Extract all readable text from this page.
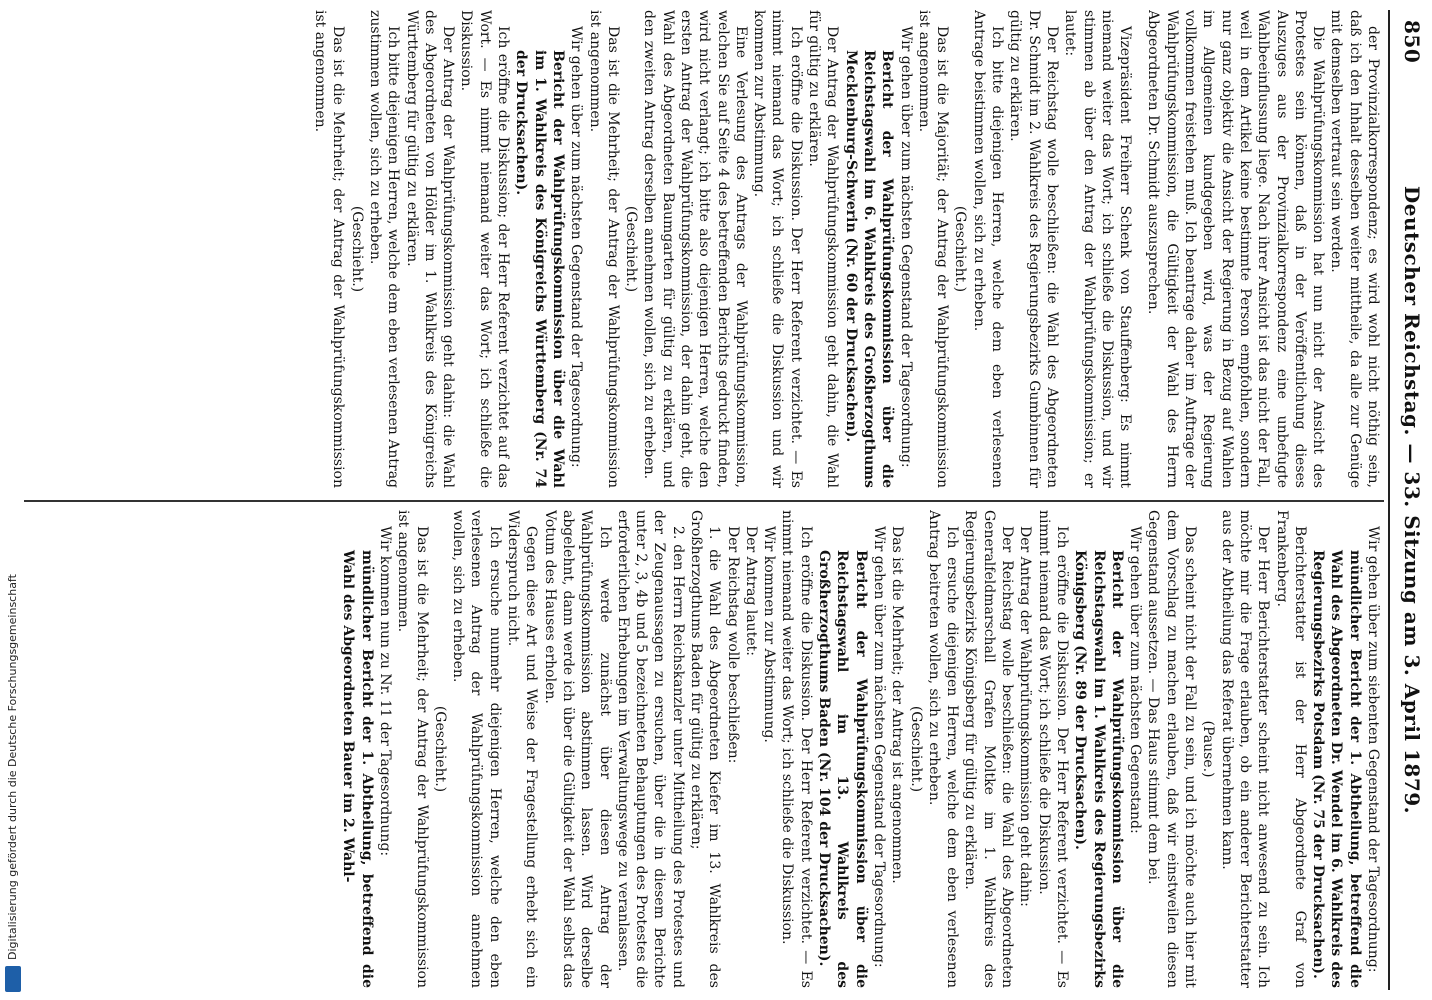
850
Deutscher Reichstag. — 33. Sitzung am 3. April 1879.

der Provinzialkorrespondenz; es wird wohl nicht nöthig sein, daß ich den Inhalt desselben weiter mittheile, da alle zur Genüge mit demselben vertraut sein werden.

Die Wahlprüfungskommission hat nun nicht der Ansicht des Protestes sein können, daß in der Veröffentlichung dieses Auszuges aus der Provinzialkorrespondenz eine unbefugte Wahlbeeinflussung liege. Nach ihrer Ansicht ist das nicht der Fall, weil in dem Artikel keine bestimmte Person empfohlen, sondern nur ganz objektiv die Ansicht der Regierung in Bezug auf Wahlen im Allgemeinen kundgegeben wird, was der Regierung vollkommen freistehen muß. Ich beantrage daher im Auftrage der Wahlprüfungskommission, die Gültigkeit der Wahl des Herrn Abgeordneten Dr. Schmidt auszusprechen.

Vizepräsident Freiherr Schenk von Stauffenberg: Es nimmt niemand weiter das Wort; ich schließe die Diskussion, und wir stimmen ab über den Antrag der Wahlprüfungskommission; er lautet:

Der Reichstag wolle beschließen: die Wahl des Abgeordneten Dr. Schmidt im 2. Wahlkreis des Regierungsbezirks Gumbinnen für gültig zu erklären.

Ich bitte diejenigen Herren, welche dem eben verlesenen Antrage beistimmen wollen, sich zu erheben.

(Geschieht.)

Das ist die Majorität; der Antrag der Wahlprüfungskommission ist angenommen.

Wir gehen über zum nächsten Gegenstand der Tagesordnung:

Bericht der Wahlprüfungskommission über die Reichstagswahl im 6. Wahlkreis des Großherzogthums Mecklenburg-Schwerin (Nr. 60 der Drucksachen).

Der Antrag der Wahlprüfungskommission geht dahin, die Wahl für gültig zu erklären.

Ich eröffne die Diskussion. Der Herr Referent verzichtet. — Es nimmt niemand das Wort; ich schließe die Diskussion und wir kommen zur Abstimmung.

Eine Verlesung des Antrags der Wahlprüfungskommission, welchen Sie auf Seite 4 des betreffenden Berichts gedruckt finden, wird nicht verlangt; ich bitte also diejenigen Herren, welche den ersten Antrag der Wahlprüfungskommission, der dahin geht, die Wahl des Abgeordneten Baumgarten für gültig zu erklären, und den zweiten Antrag derselben annehmen wollen, sich zu erheben.

(Geschieht.)

Das ist die Mehrheit; der Antrag der Wahlprüfungskommission ist angenommen.

Wir gehen über zum nächsten Gegenstand der Tagesordnung:

Bericht der Wahlprüfungskommission über die Wahl im 1. Wahlkreis des Königreichs Württemberg (Nr. 74 der Drucksachen).

Ich eröffne die Diskussion; der Herr Referent verzichtet auf das Wort. — Es nimmt niemand weiter das Wort; ich schließe die Diskussion.

Der Antrag der Wahlprüfungskommission geht dahin: die Wahl des Abgeordneten von Hölder im 1. Wahlkreis des Königreichs Württemberg für gültig zu erklären.

Ich bitte diejenigen Herren, welche dem eben verlesenen Antrag zustimmen wollen, sich zu erheben.

(Geschieht.)

Das ist die Mehrheit; der Antrag der Wahlprüfungskommission ist angenommen.

Wir gehen über zum siebenten Gegenstand der Tagesordnung:

mündlicher Bericht der 1. Abtheilung, betreffend die Wahl des Abgeordneten Dr. Wendel im 6. Wahlkreis des Regierungsbezirks Potsdam (Nr. 75 der Drucksachen).

Berichterstatter ist der Herr Abgeordnete Graf von Frankenberg.

Der Herr Berichterstatter scheint nicht anwesend zu sein. Ich möchte mir die Frage erlauben, ob ein anderer Berichterstatter aus der Abtheilung das Referat übernehmen kann.

(Pause.)

Das scheint nicht der Fall zu sein, und ich möchte auch hier mit dem Vorschlag zu machen erlauben, daß wir einstweilen diesen Gegenstand aussetzen. — Das Haus stimmt dem bei.

Wir gehen über zum nächsten Gegenstand:

Bericht der Wahlprüfungskommission über die Reichstagswahl im 1. Wahlkreis des Regierungsbezirks Königsberg (Nr. 89 der Drucksachen).

Ich eröffne die Diskussion. Der Herr Referent verzichtet. — Es nimmt niemand das Wort; ich schließe die Diskussion.

Der Antrag der Wahlprüfungskommission geht dahin:

Der Reichstag wolle beschließen: die Wahl des Abgeordneten Generalfeldmarschall Grafen Moltke im 1. Wahlkreis des Regierungsbezirks Königsberg für gültig zu erklären.

Ich ersuche diejenigen Herren, welche dem eben verlesenen Antrag beitreten wollen, sich zu erheben.

(Geschieht.)

Das ist die Mehrheit; der Antrag ist angenommen.

Wir gehen über zum nächsten Gegenstand der Tagesordnung:

Bericht der Wahlprüfungskommission über die Reichstagswahl im 13. Wahlkreis des Großherzogthums Baden (Nr. 104 der Drucksachen).

Ich eröffne die Diskussion. Der Herr Referent verzichtet. — Es nimmt niemand weiter das Wort; ich schließe die Diskussion.

Wir kommen zur Abstimmung.

Der Antrag lautet:

Der Reichstag wolle beschließen:

1. die Wahl des Abgeordneten Kiefer im 13. Wahlkreis des Großherzogthums Baden für gültig zu erklären;

2. den Herrn Reichskanzler unter Mittheilung des Protestes und der Zeugenaussagen zu ersuchen, über die in diesem Berichte unter 2, 3, 4b und 5 bezeichneten Behauptungen des Protestes die erforderlichen Erhebungen im Verwaltungswege zu veranlassen.

Ich werde zunächst über diesen Antrag der Wahlprüfungskommission abstimmen lassen. Wird derselbe abgelehnt, dann werde ich über die Gültigkeit der Wahl selbst das Votum des Hauses erholen.

Gegen diese Art und Weise der Fragestellung erhebt sich ein Widerspruch nicht.

Ich ersuche nunmehr diejenigen Herren, welche den eben verlesenen Antrag der Wahlprüfungskommission annehmen wollen, sich zu erheben.

(Geschieht.)

Das ist die Mehrheit; der Antrag der Wahlprüfungskommission ist angenommen.

Wir kommen nun zu Nr. 11 der Tagesordnung:

mündlicher Bericht der 1. Abtheilung, betreffend die Wahl des Abgeordneten Bauer im 2. Wahl-

Digitalisierung gefördert durch die Deutsche Forschungsgemeinschaft
